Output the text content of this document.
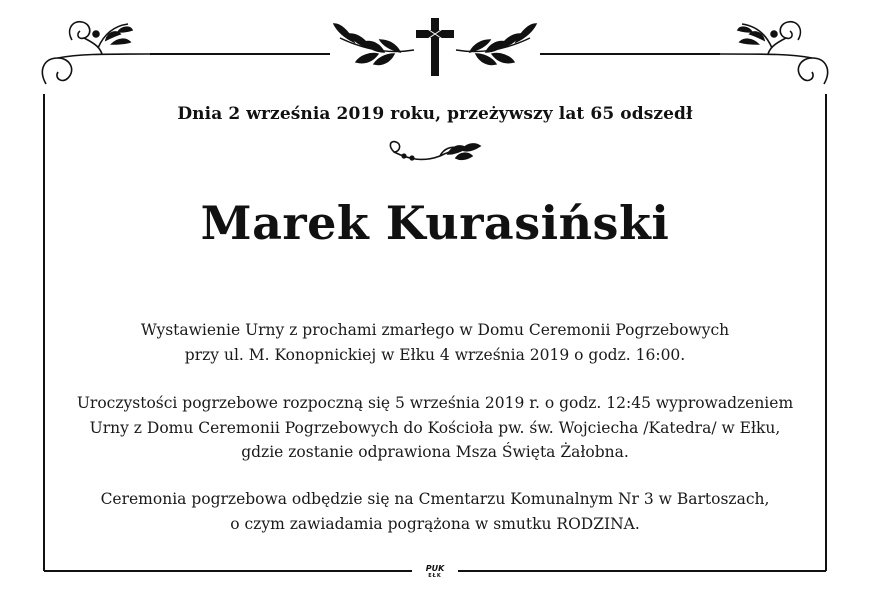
Dnia 2 września 2019 roku, przeżywszy lat 65 odszedł
Marek Kurasiński
Wystawienie Urny z prochami zmarłego w Domu Ceremonii Pogrzebowych
przy ul. M. Konopnickiej w Ełku 4 września 2019 o godz. 16:00.
Uroczystości pogrzebowe rozpoczną się 5 września 2019 r. o godz. 12:45 wyprowadzeniem
Urny z Domu Ceremonii Pogrzebowych do Kościoła pw. św. Wojciecha /Katedra/ w Ełku,
gdzie zostanie odprawiona Msza Święta Żałobna.
Ceremonia pogrzebowa odbędzie się na Cmentarzu Komunalnym Nr 3 w Bartoszach,
o czym zawiadamia pogrążona w smutku RODZINA.
PUK
EŁK
